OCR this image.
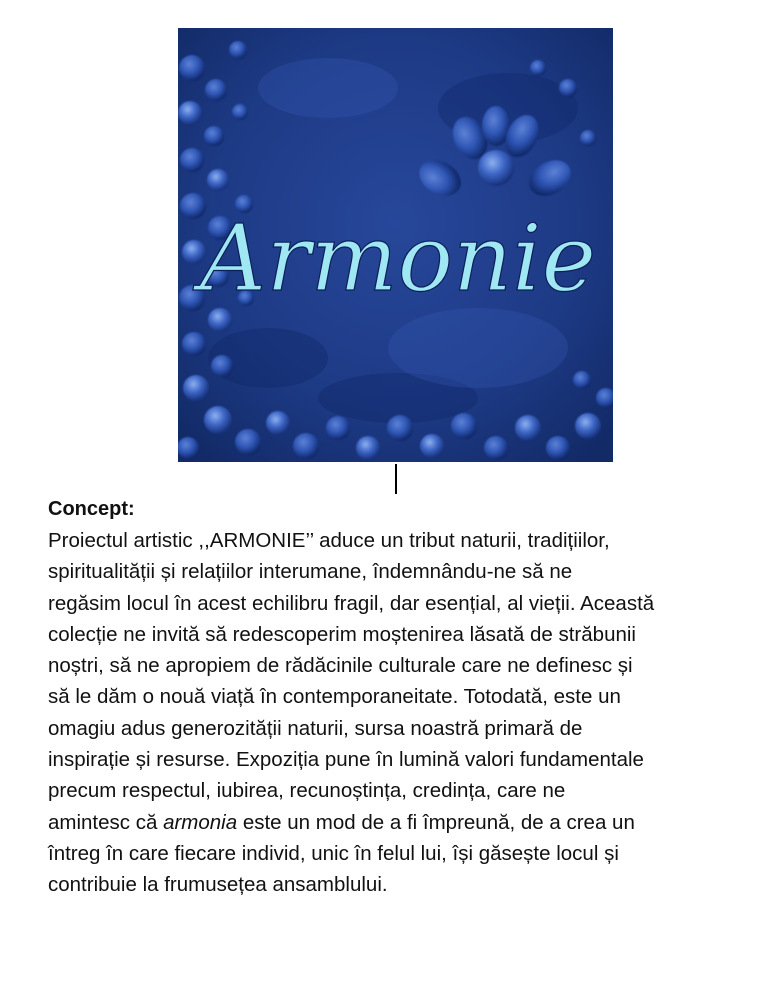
Armonie

Concept:

Proiectul artistic ,,ARMONIE’’ aduce un tribut naturii, tradițiilor,
spiritualității și relațiilor interumane, îndemnându-ne să ne
regăsim locul în acest echilibru fragil, dar esențial, al vieții. Această
colecție ne invită să redescoperim moștenirea lăsată de străbunii
noștri, să ne apropiem de rădăcinile culturale care ne definesc și
să le dăm o nouă viață în contemporaneitate. Totodată, este un
omagiu adus generozității naturii, sursa noastră primară de
inspirație și resurse. Expoziția pune în lumină valori fundamentale
precum respectul, iubirea, recunoștința, credința, care ne
amintesc că armonia este un mod de a fi împreună, de a crea un
întreg în care fiecare individ, unic în felul lui, își găsește locul și
contribuie la frumusețea ansamblului.
